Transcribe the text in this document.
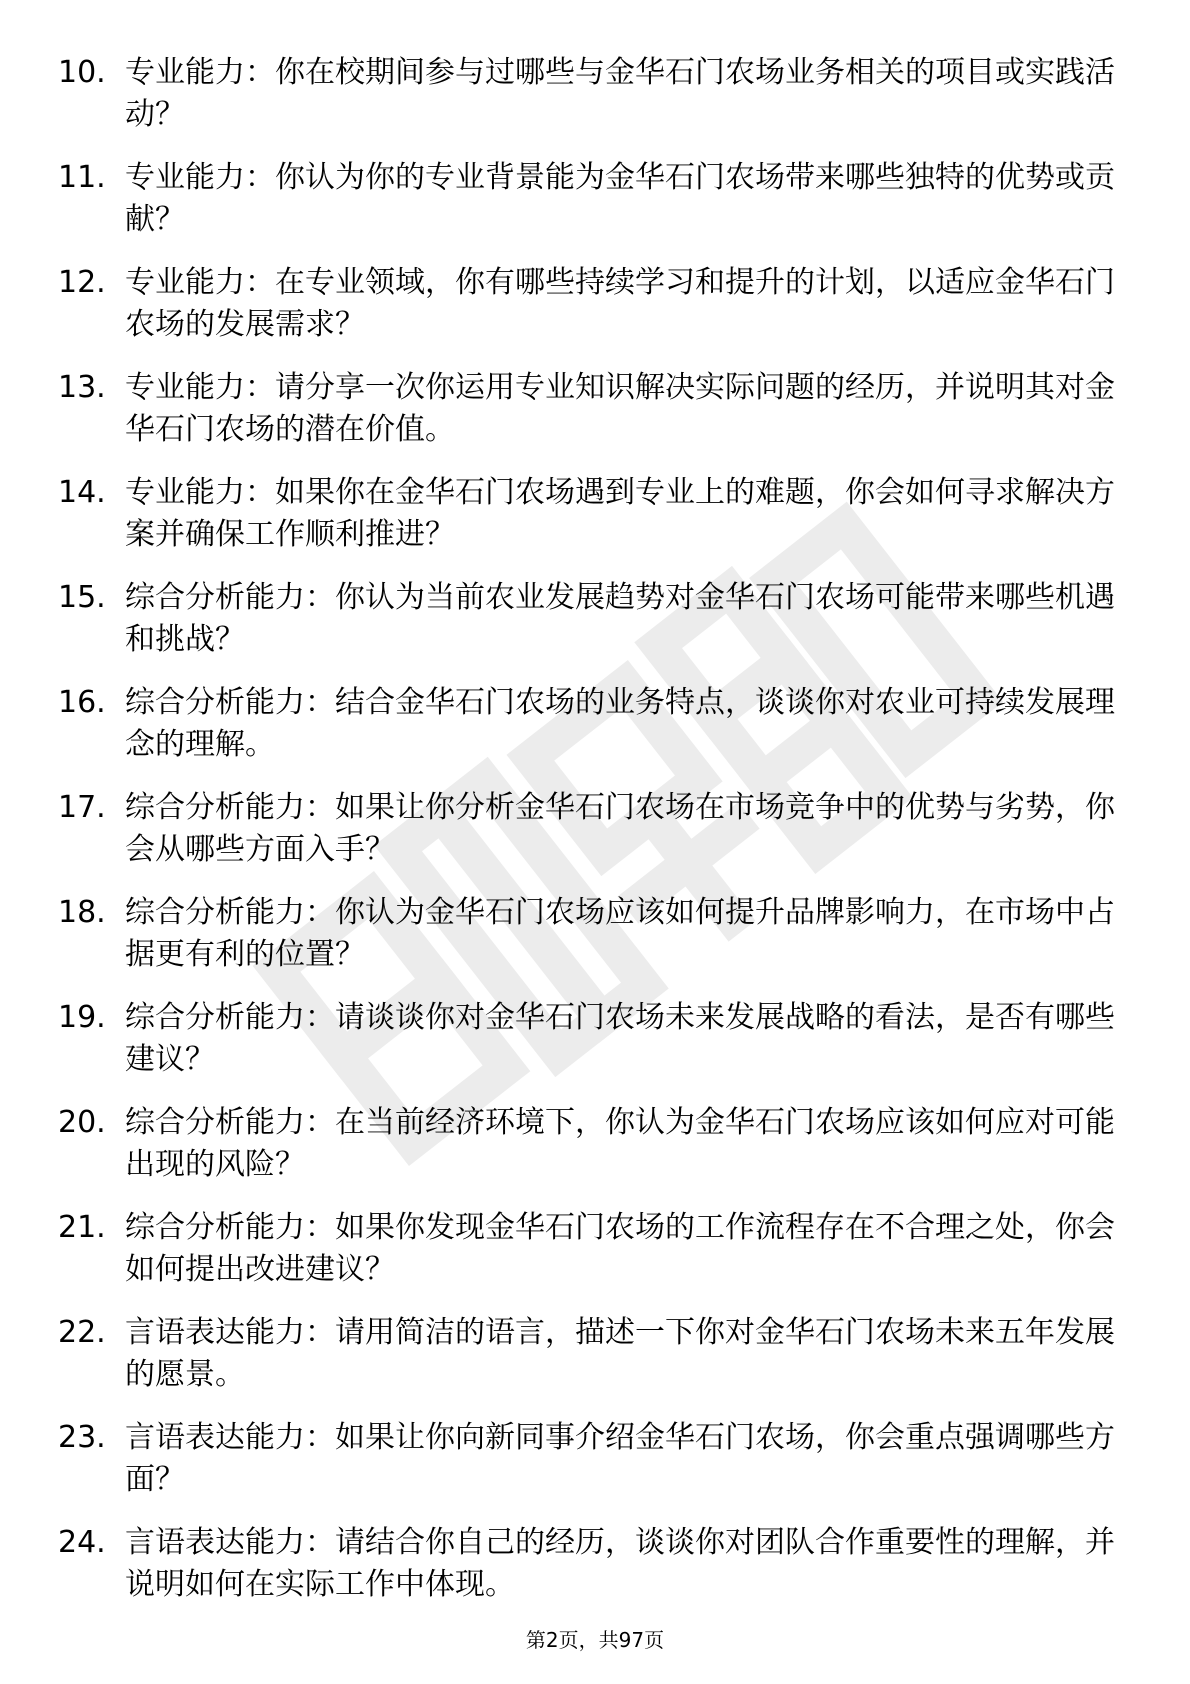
10. 专业能力：你在校期间参与过哪些与金华石门农场业务相关的项目或实践活动？
11. 专业能力：你认为你的专业背景能为金华石门农场带来哪些独特的优势或贡献？
12. 专业能力：在专业领域，你有哪些持续学习和提升的计划，以适应金华石门农场的发展需求？
13. 专业能力：请分享一次你运用专业知识解决实际问题的经历，并说明其对金华石门农场的潜在价值。
14. 专业能力：如果你在金华石门农场遇到专业上的难题，你会如何寻求解决方案并确保工作顺利推进？
15. 综合分析能力：你认为当前农业发展趋势对金华石门农场可能带来哪些机遇和挑战？
16. 综合分析能力：结合金华石门农场的业务特点，谈谈你对农业可持续发展理念的理解。
17. 综合分析能力：如果让你分析金华石门农场在市场竞争中的优势与劣势，你会从哪些方面入手？
18. 综合分析能力：你认为金华石门农场应该如何提升品牌影响力，在市场中占据更有利的位置？
19. 综合分析能力：请谈谈你对金华石门农场未来发展战略的看法，是否有哪些建议？
20. 综合分析能力：在当前经济环境下，你认为金华石门农场应该如何应对可能出现的风险？
21. 综合分析能力：如果你发现金华石门农场的工作流程存在不合理之处，你会如何提出改进建议？
22. 言语表达能力：请用简洁的语言，描述一下你对金华石门农场未来五年发展的愿景。
23. 言语表达能力：如果让你向新同事介绍金华石门农场，你会重点强调哪些方面？
24. 言语表达能力：请结合你自己的经历，谈谈你对团队合作重要性的理解，并说明如何在实际工作中体现。
第2页，共97页
